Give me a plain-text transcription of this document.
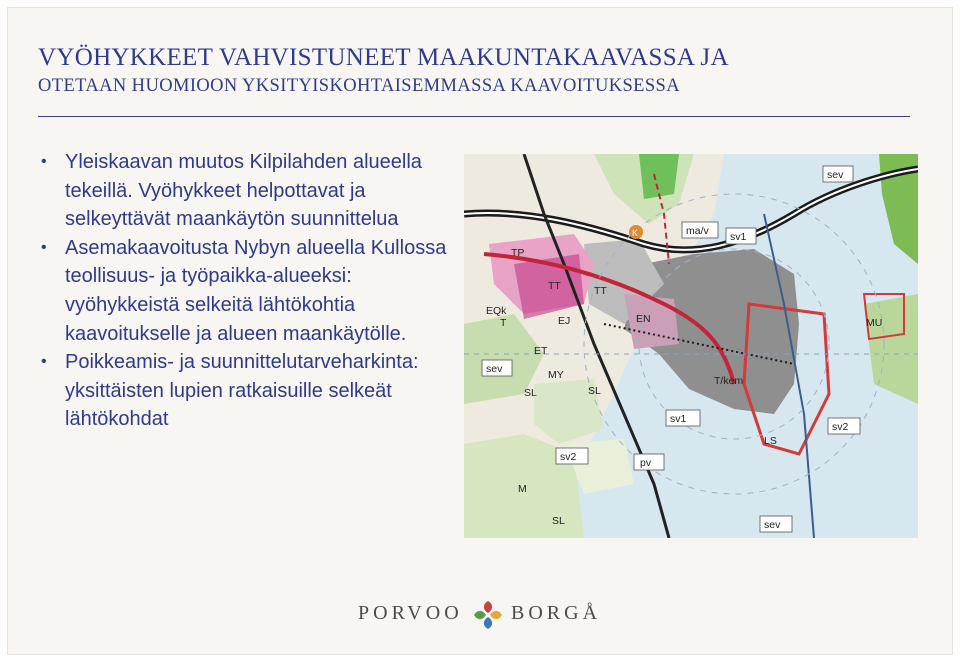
VYÖHYKKEET VAHVISTUNEET MAAKUNTAKAAVASSA JA
OTETAAN HUOMIOON YKSITYISKOHTAISEMMASSA KAAVOITUKSESSA
• Yleiskaavan muutos Kilpilahden alueella tekeillä. Vyöhykkeet helpottavat ja selkeyttävät maankäytön suunnittelua
• Asemakaavoitusta Nybyn alueella Kullossa teollisuus- ja työpaikka-alueeksi: vyöhykkeistä selkeitä lähtökohtia kaavoitukselle ja alueen maankäytölle.
• Poikkeamis- ja suunnittelutarveharkinta: yksittäisten lupien ratkaisuille selkeät lähtökohdat
sev
ma/v sv1
TP
TT	TT
EQk
T	EJ	EN
ET
sev	MY
SL	SL
T/kem
sv1
LS
sv2
MU
sv2	pv
M
SL	sev
K
PORVOO BORGÅ
